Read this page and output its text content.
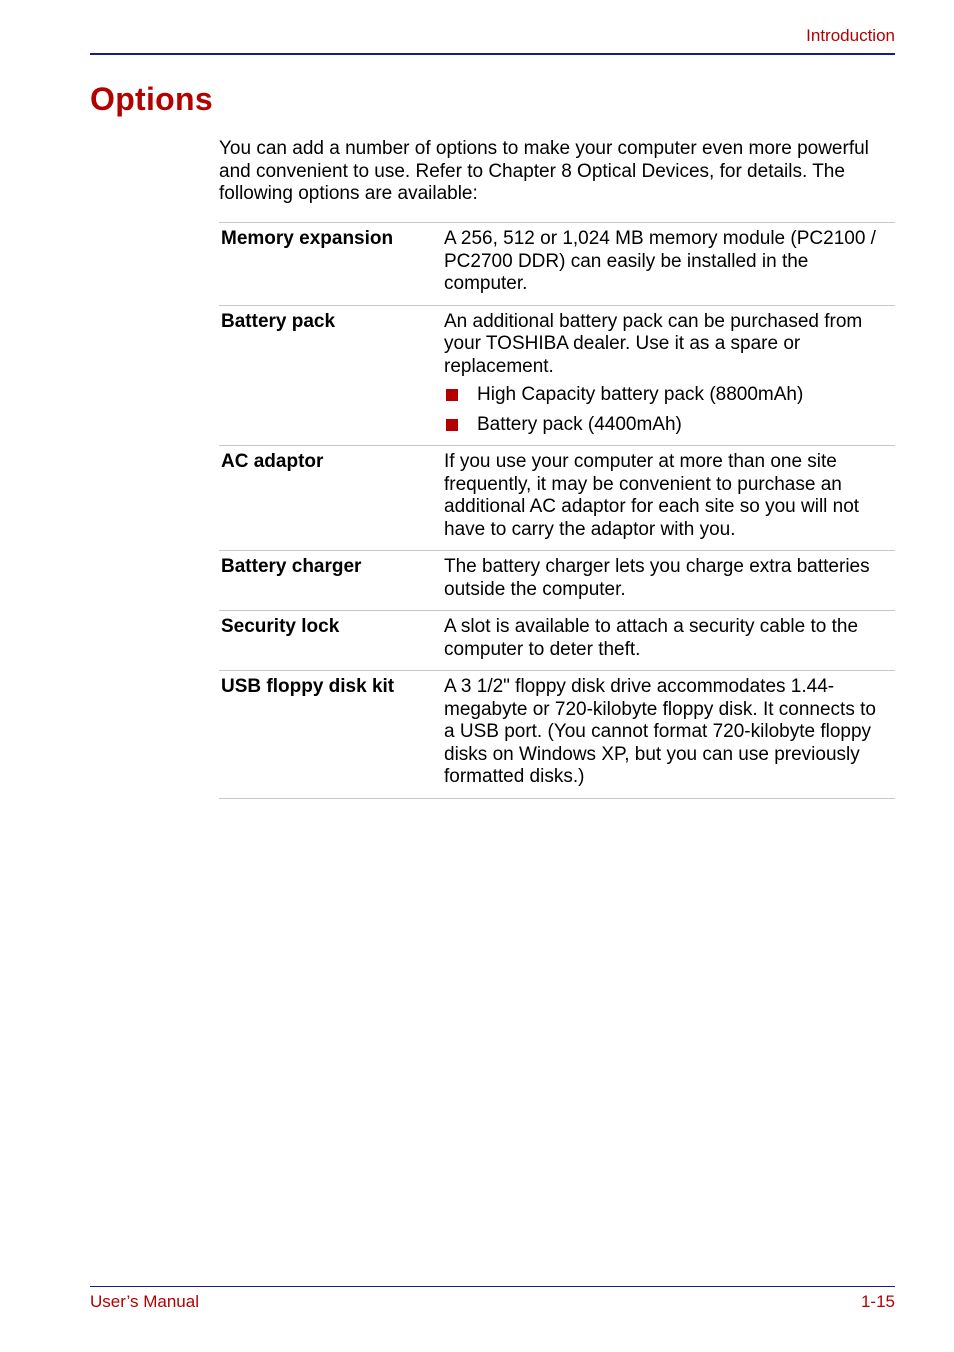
Introduction
Options

You can add a number of options to make your computer even more powerful and convenient to use. Refer to Chapter 8 Optical Devices, for details. The following options are available:

Memory expansion	A 256, 512 or 1,024 MB memory module (PC2100 / PC2700 DDR) can easily be installed in the computer.
Battery pack	An additional battery pack can be purchased from your TOSHIBA dealer. Use it as a spare or replacement.
High Capacity battery pack (8800mAh)
Battery pack (4400mAh)
AC adaptor	If you use your computer at more than one site frequently, it may be convenient to purchase an additional AC adaptor for each site so you will not have to carry the adaptor with you.
Battery charger	The battery charger lets you charge extra batteries outside the computer.
Security lock	A slot is available to attach a security cable to the computer to deter theft.
USB floppy disk kit	A 3 1/2" floppy disk drive accommodates 1.44-megabyte or 720-kilobyte floppy disk. It connects to a USB port. (You cannot format 720-kilobyte floppy disks on Windows XP, but you can use previously formatted disks.)
User’s Manual	1-15
